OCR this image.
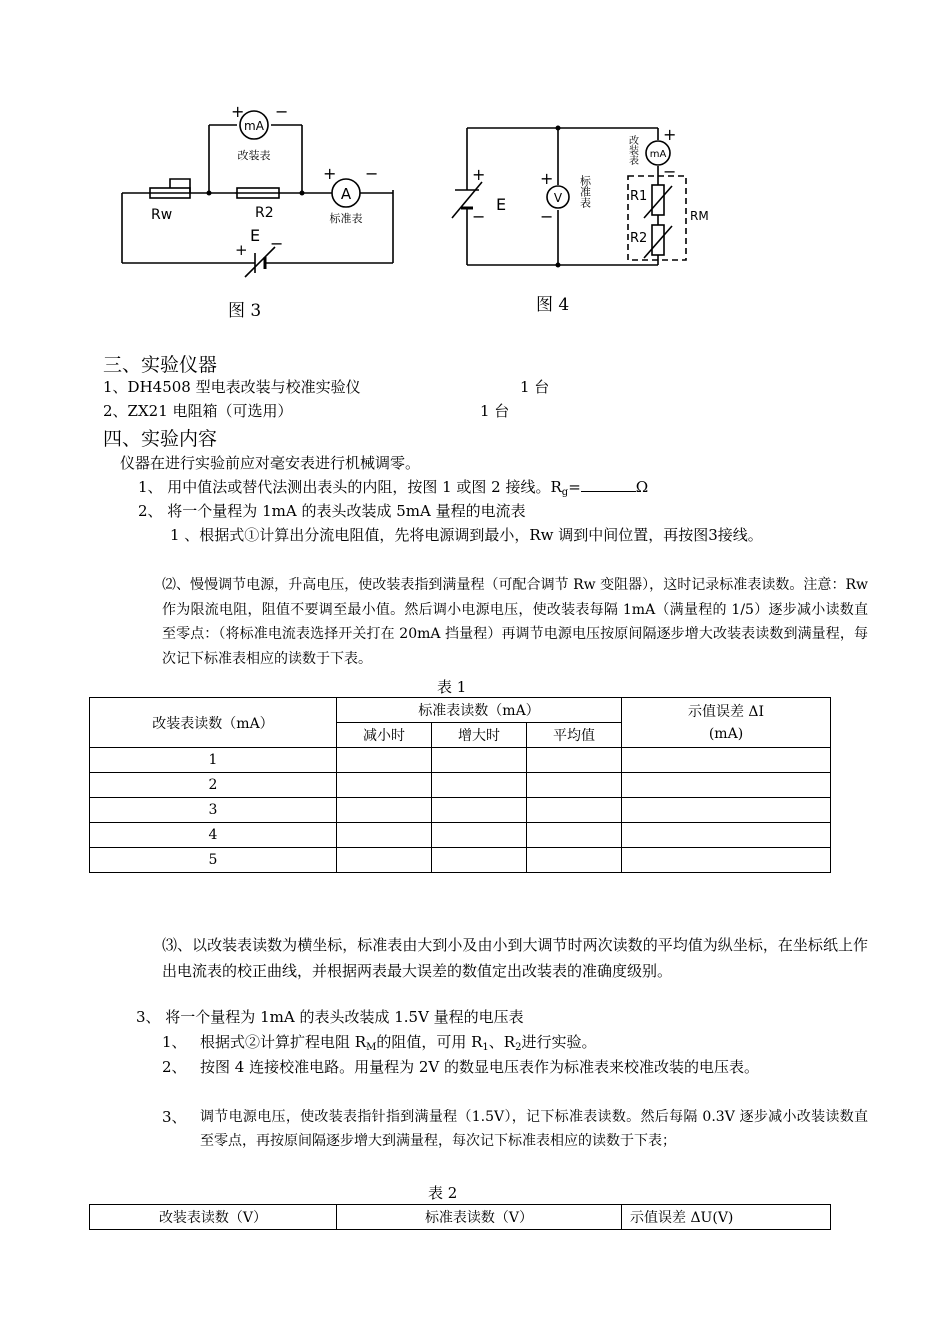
mA
A
+ −
+ −
改装表
标准表
Rw	R2
E
+ −
图 3
mA
V
+
−
+
−
+
−
E	R1
R2
RM
标准表
改装表
图 4
三、实验仪器
1、DH4508 型电表改装与校准实验仪	1 台
2、ZX21 电阻箱（可选用）	1 台
四、实验内容
仪器在进行实验前应对毫安表进行机械调零。
1、 用中值法或替代法测出表头的内阻，按图 1 或图 2 接线。$R_g=$	Ω
2、 将一个量程为 1mA 的表头改装成 5mA 量程的电流表
1 、根据式①计算出分流电阻值，先将电源调到最小，Rw 调到中间位置，再按图3接线。
⑵、慢慢调节电源，升高电压，使改装表指到满量程（可配合调节 Rw 变阻器），这时记录标准表读数。注意：Rw 作为限流电阻，阻值不要调至最小值。然后调小电源电压，使改装表每隔 1mA（满量程的 1/5）逐步减小读数直至零点：（将标准电流表选择开关打在 20mA 挡量程）再调节电源电压按原间隔逐步增大改装表读数到满量程，每次记下标准表相应的读数于下表。
表 1
改装表读数（mA）	标准表读数（mA）			示值误差 ΔI
(mA)
	减小时	增大时	平均值	
1				
2				
3				
4				
5				
⑶、以改装表读数为横坐标，标准表由大到小及由小到大调节时两次读数的平均值为纵坐标，在坐标纸上作出电流表的校正曲线，并根据两表最大误差的数值定出改装表的准确度级别。
3、 将一个量程为 1mA 的表头改装成 1.5V 量程的电压表
1、 根据式②计算扩程电阻 $R_M$的阻值，可用 $R_1$、$R_2$进行实验。
2、 按图 4 连接校准电路。用量程为 2V 的数显电压表作为标准表来校准改装的电压表。
3、 调节电源电压，使改装表指针指到满量程（1.5V），记下标准表读数。然后每隔 0.3V 逐步减小改装读数直至零点，再按原间隔逐步增大到满量程，每次记下标准表相应的读数于下表；
表 2
改装表读数（V）	标准表读数（V）	示值误差 ΔU(V)
